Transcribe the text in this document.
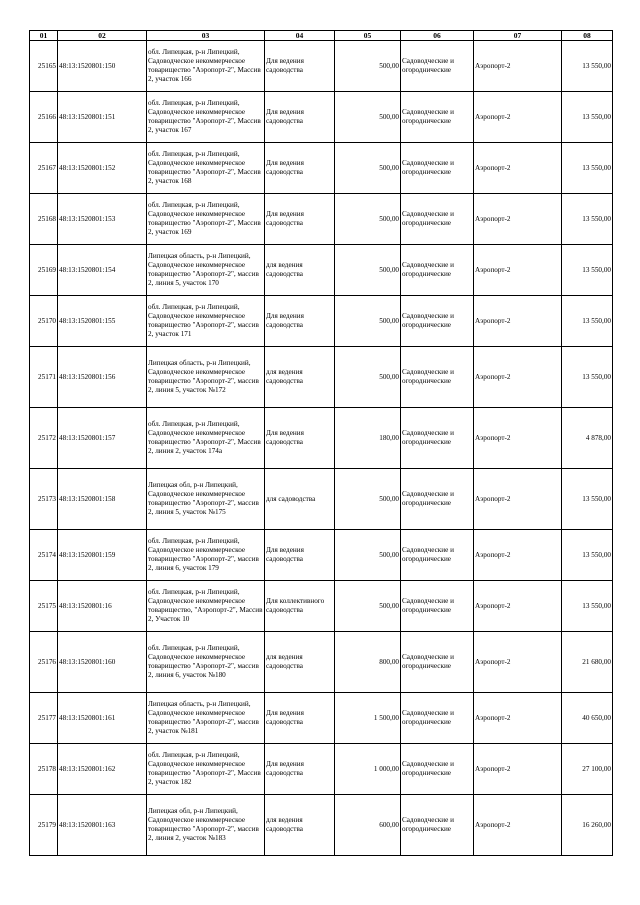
01	02	03	04	05	06	07	08
25165	48:13:1520801:150	обл. Липецкая, р-н Липецкий, Садоводческое некоммерческое товарищество "Аэропорт-2", Массив 2, участок 166	Для ведения садоводства	500,00	Садоводческие и огороднические	Аэропорт-2	13 550,00
25166	48:13:1520801:151	обл. Липецкая, р-н Липецкий, Садоводческое некоммерческое товарищество "Аэропорт-2", Массив 2, участок 167	Для ведения садоводства	500,00	Садоводческие и огороднические	Аэропорт-2	13 550,00
25167	48:13:1520801:152	обл. Липецкая, р-н Липецкий, Садоводческое некоммерческое товарищество "Аэропорт-2", Массив 2, участок 168	Для ведения садоводства	500,00	Садоводческие и огороднические	Аэропорт-2	13 550,00
25168	48:13:1520801:153	обл. Липецкая, р-н Липецкий, Садоводческое некоммерческое товарищество "Аэропорт-2", Массив 2, участок 169	Для ведения садоводства	500,00	Садоводческие и огороднические	Аэропорт-2	13 550,00
25169	48:13:1520801:154	Липецкая область, р-н Липецкий, Садоводческое некоммерческое товарищество "Аэропорт-2", массив 2, линия 5, участок 170	для ведения садоводства	500,00	Садоводческие и огороднические	Аэропорт-2	13 550,00
25170	48:13:1520801:155	обл. Липецкая, р-н Липецкий, Садоводческое некоммерческое товарищество "Аэропорт-2", массив 2, участок 171	Для ведения садоводства	500,00	Садоводческие и огороднические	Аэропорт-2	13 550,00
25171	48:13:1520801:156	Липецкая область, р-н Липецкий, Садоводческое некоммерческое товарищество "Аэропорт-2", массив 2, линия 5, участок №172	для ведения садоводства	500,00	Садоводческие и огороднические	Аэропорт-2	13 550,00
25172	48:13:1520801:157	обл. Липецкая, р-н Липецкий, Садоводческое некоммерческое товарищество "Аэропорт-2", Массив 2, линия 2, участок 174а	Для ведения садоводства	180,00	Садоводческие и огороднические	Аэропорт-2	4 878,00
25173	48:13:1520801:158	Липецкая обл, р-н Липецкий, Садоводческое некоммерческое товарищество "Аэропорт-2", массив 2, линия 5, участок №175	для садоводства	500,00	Садоводческие и огороднические	Аэропорт-2	13 550,00
25174	48:13:1520801:159	обл. Липецкая, р-н Липецкий, Садоводческое некоммерческое товарищество "Аэропорт-2", массив 2, линия 6, участок 179	Для ведения садоводства	500,00	Садоводческие и огороднические	Аэропорт-2	13 550,00
25175	48:13:1520801:16	обл. Липецкая, р-н Липецкий, Садоводческое некоммерческое товарищество, "Аэропорт-2", Массив 2, Участок 10	Для коллективного садоводства	500,00	Садоводческие и огороднические	Аэропорт-2	13 550,00
25176	48:13:1520801:160	обл. Липецкая, р-н Липецкий, Садоводческое некоммерческое товарищество "Аэропорт-2", массив 2, линия 6, участок №180	для ведения садоводства	800,00	Садоводческие и огороднические	Аэропорт-2	21 680,00
25177	48:13:1520801:161	Липецкая область, р-н Липецкий, Садоводческое некоммерческое товарищество "Аэропорт-2", массив 2, участок №181	Для ведения садоводства	1 500,00	Садоводческие и огороднические	Аэропорт-2	40 650,00
25178	48:13:1520801:162	обл. Липецкая, р-н Липецкий, Садоводческое некоммерческое товарищество "Аэропорт-2", Массив 2, участок 182	Для ведения садоводства	1 000,00	Садоводческие и огороднические	Аэропорт-2	27 100,00
25179	48:13:1520801:163	Липецкая обл, р-н Липецкий, Садоводческое некоммерческое товарищество "Аэропорт-2", массив 2, линия 2, участок №183	для ведения садоводства	600,00	Садоводческие и огороднические	Аэропорт-2	16 260,00
